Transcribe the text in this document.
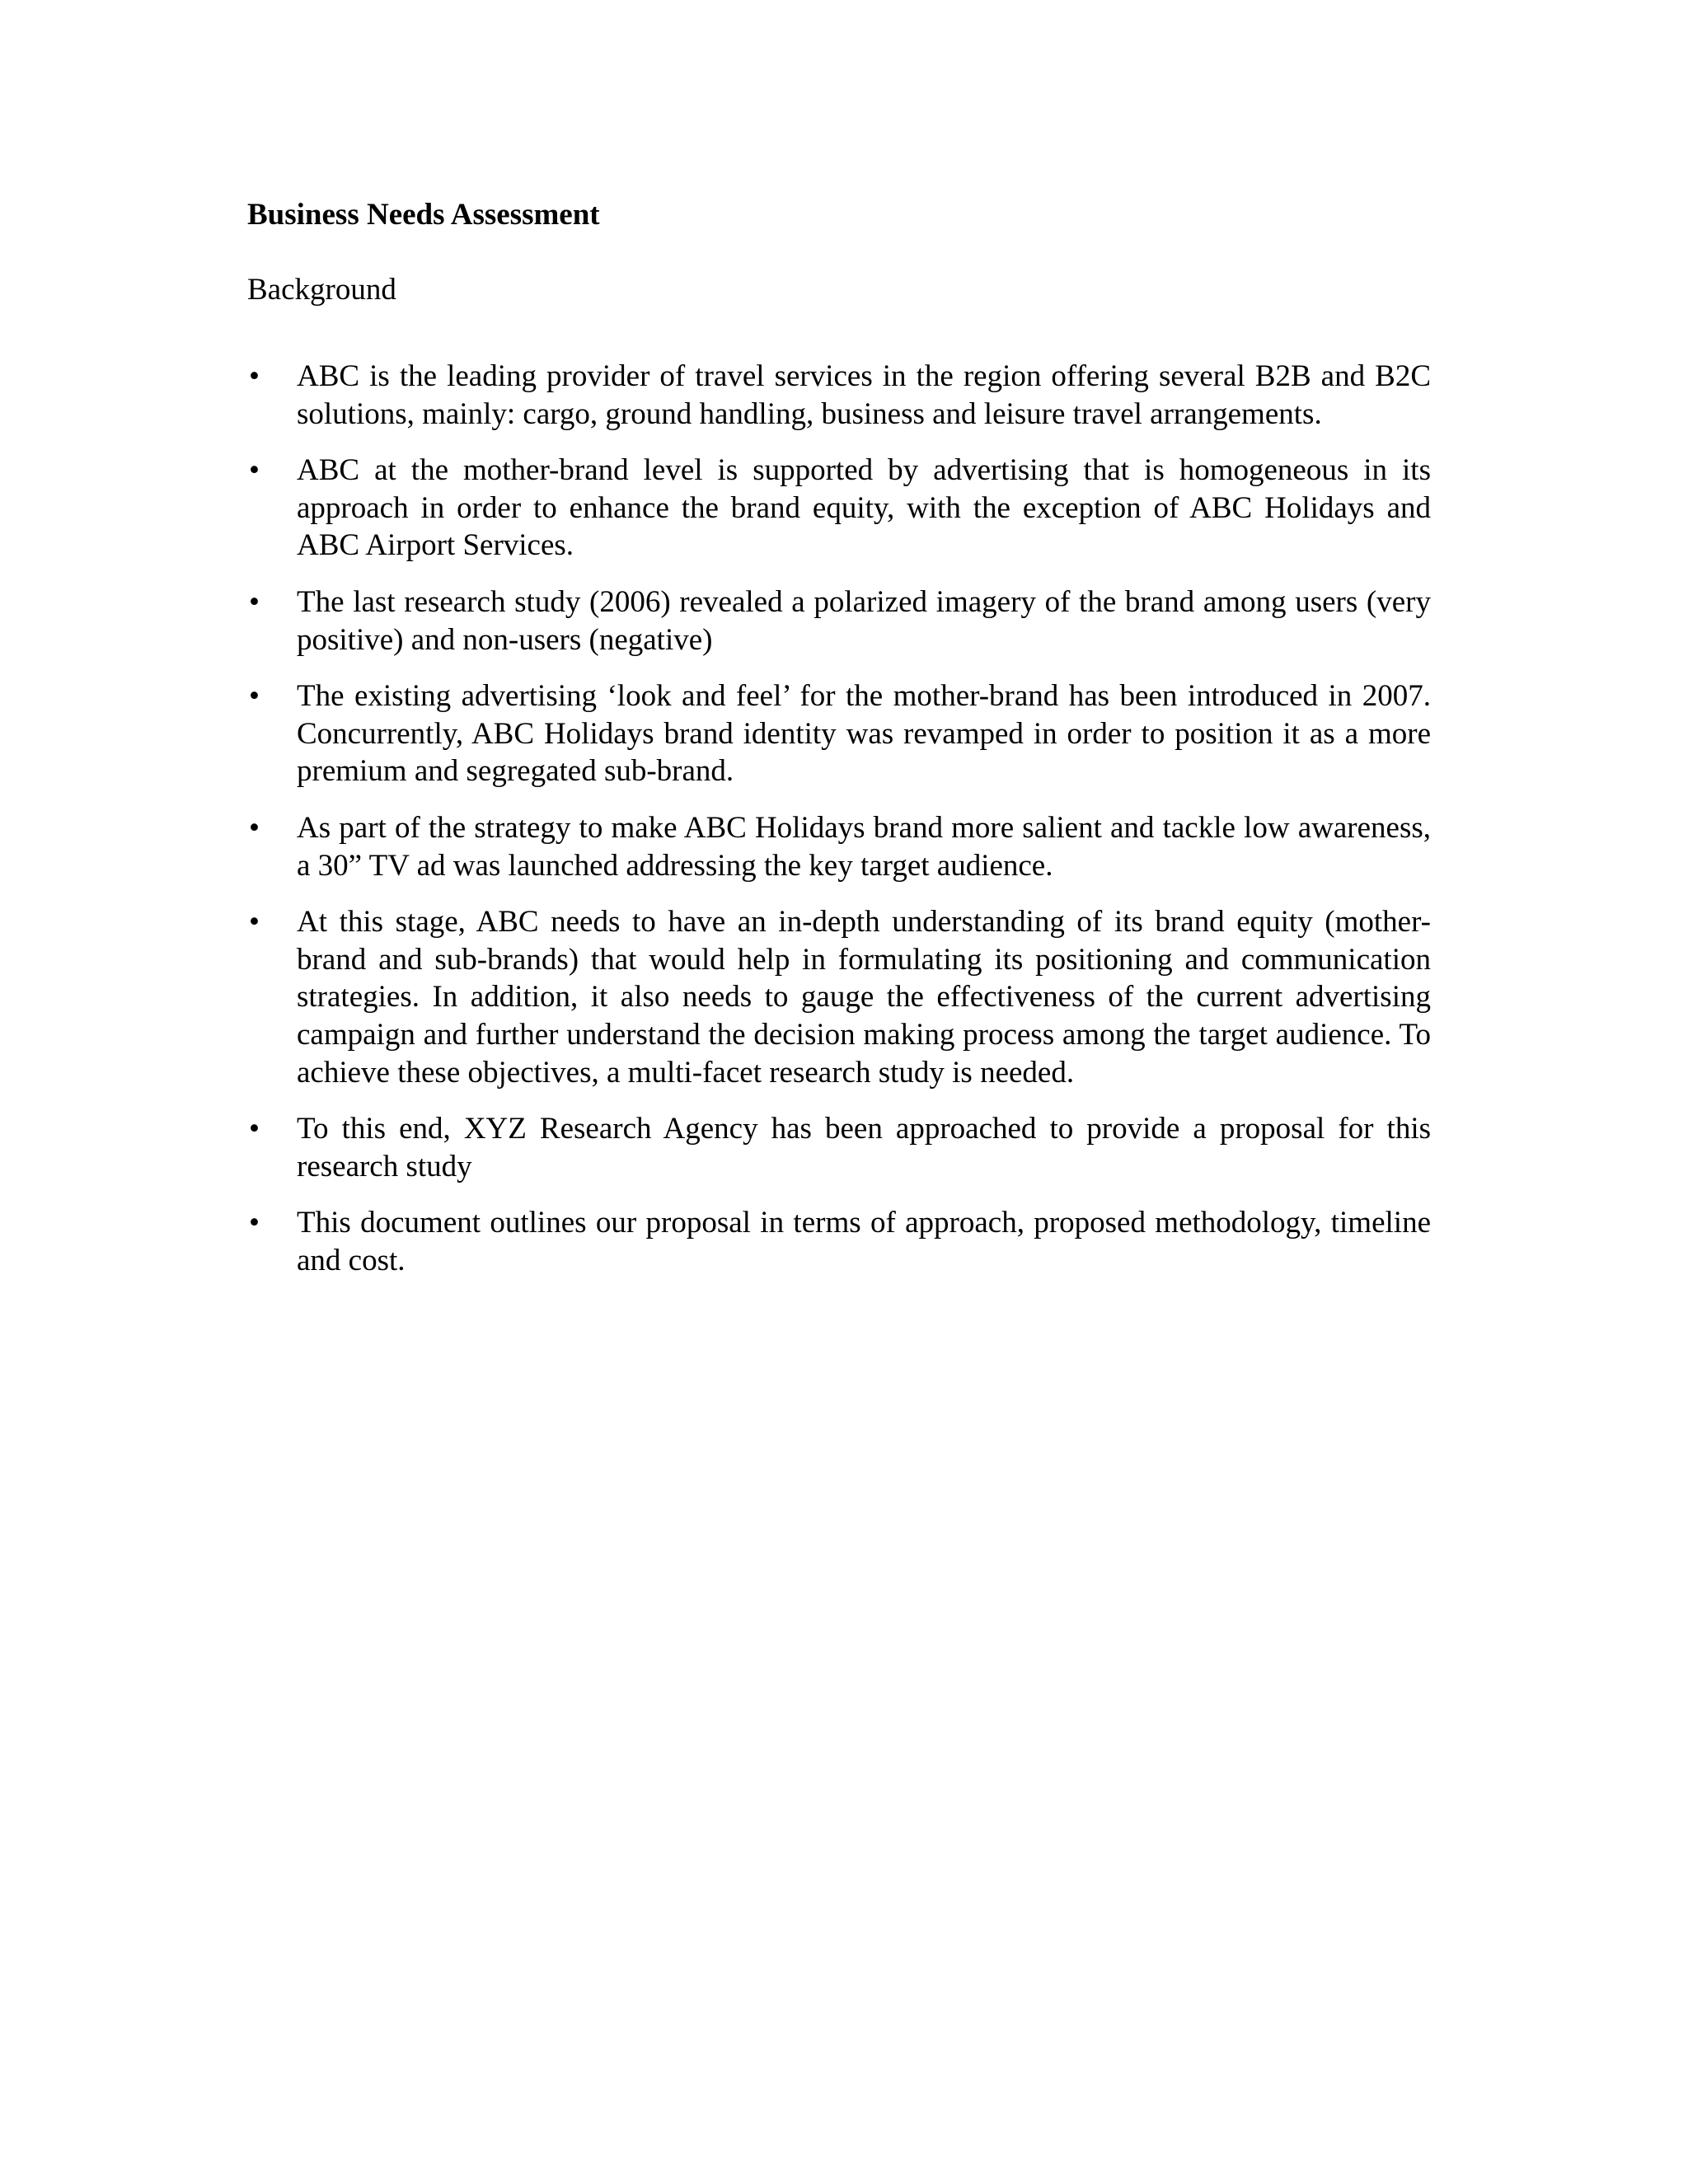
Business Needs Assessment

Background

•	ABC is the leading provider of travel services in the region offering several B2B and B2C solutions, mainly: cargo, ground handling, business and leisure travel arrangements.
•	ABC at the mother-brand level is supported by advertising that is homogeneous in its approach in order to enhance the brand equity, with the exception of ABC Holidays and ABC Airport Services.
•	The last research study (2006) revealed a polarized imagery of the brand among users (very positive) and non-users (negative)
•	The existing advertising ‘look and feel’ for the mother-brand has been introduced in 2007. Concurrently, ABC Holidays brand identity was revamped in order to position it as a more premium and segregated sub-brand.
•	As part of the strategy to make ABC Holidays brand more salient and tackle low awareness, a 30” TV ad was launched addressing the key target audience.
•	At this stage, ABC needs to have an in-depth understanding of its brand equity (mother-brand and sub-brands) that would help in formulating its positioning and communication strategies. In addition, it also needs to gauge the effectiveness of the current advertising campaign and further understand the decision making process among the target audience. To achieve these objectives, a multi-facet research study is needed.
•	To this end, XYZ Research Agency has been approached to provide a proposal for this research study
•	This document outlines our proposal in terms of approach, proposed methodology, timeline and cost.
